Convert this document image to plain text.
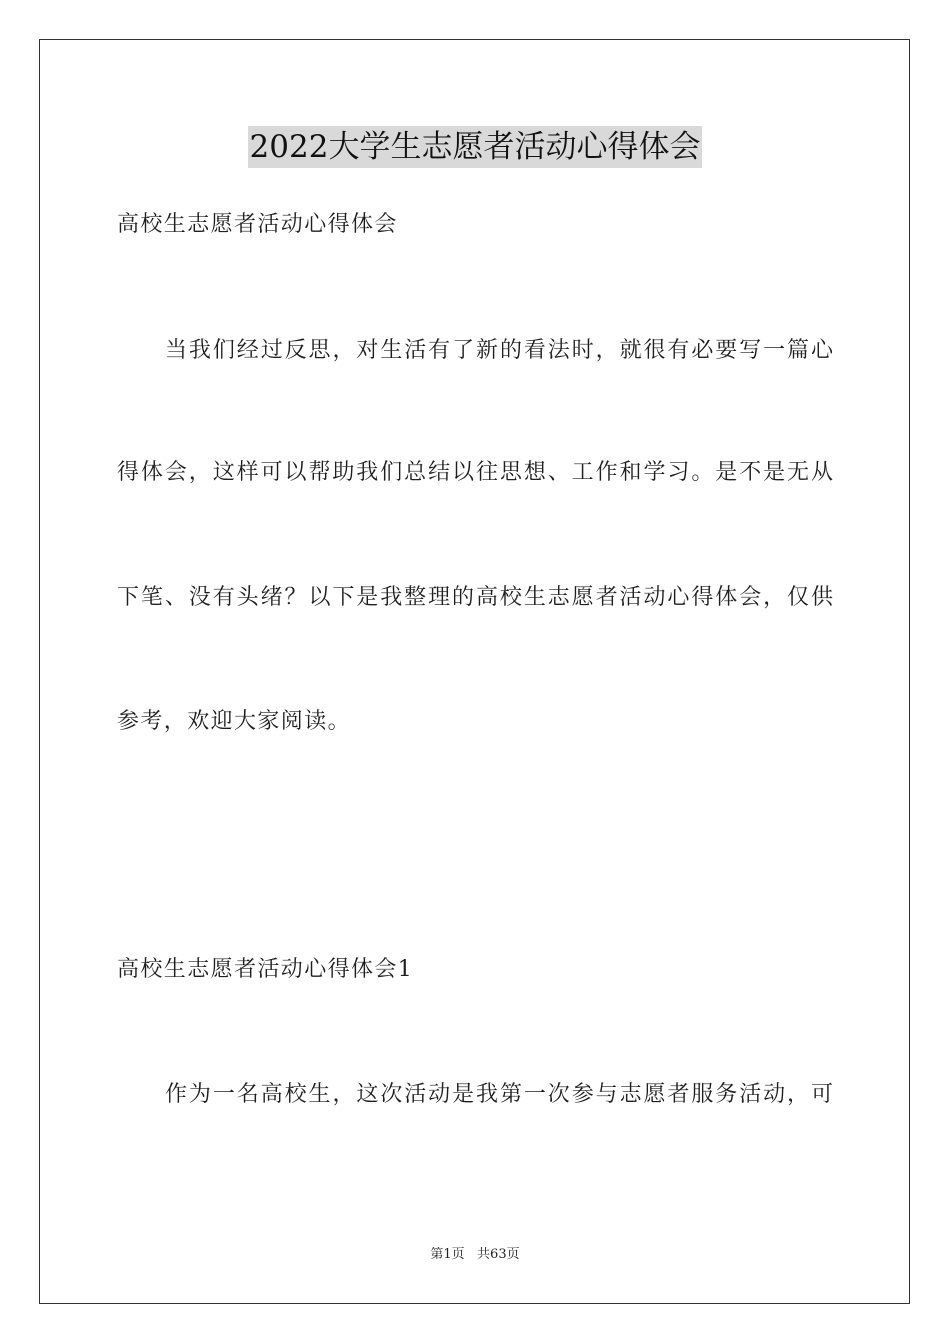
2022大学生志愿者活动心得体会
高校生志愿者活动心得体会
当我们经过反思，对生活有了新的看法时，就很有必要写一篇心
得体会，这样可以帮助我们总结以往思想、工作和学习。是不是无从
下笔、没有头绪？以下是我整理的高校生志愿者活动心得体会，仅供
参考，欢迎大家阅读。
高校生志愿者活动心得体会1
作为一名高校生，这次活动是我第一次参与志愿者服务活动，可
第1页   共63页
